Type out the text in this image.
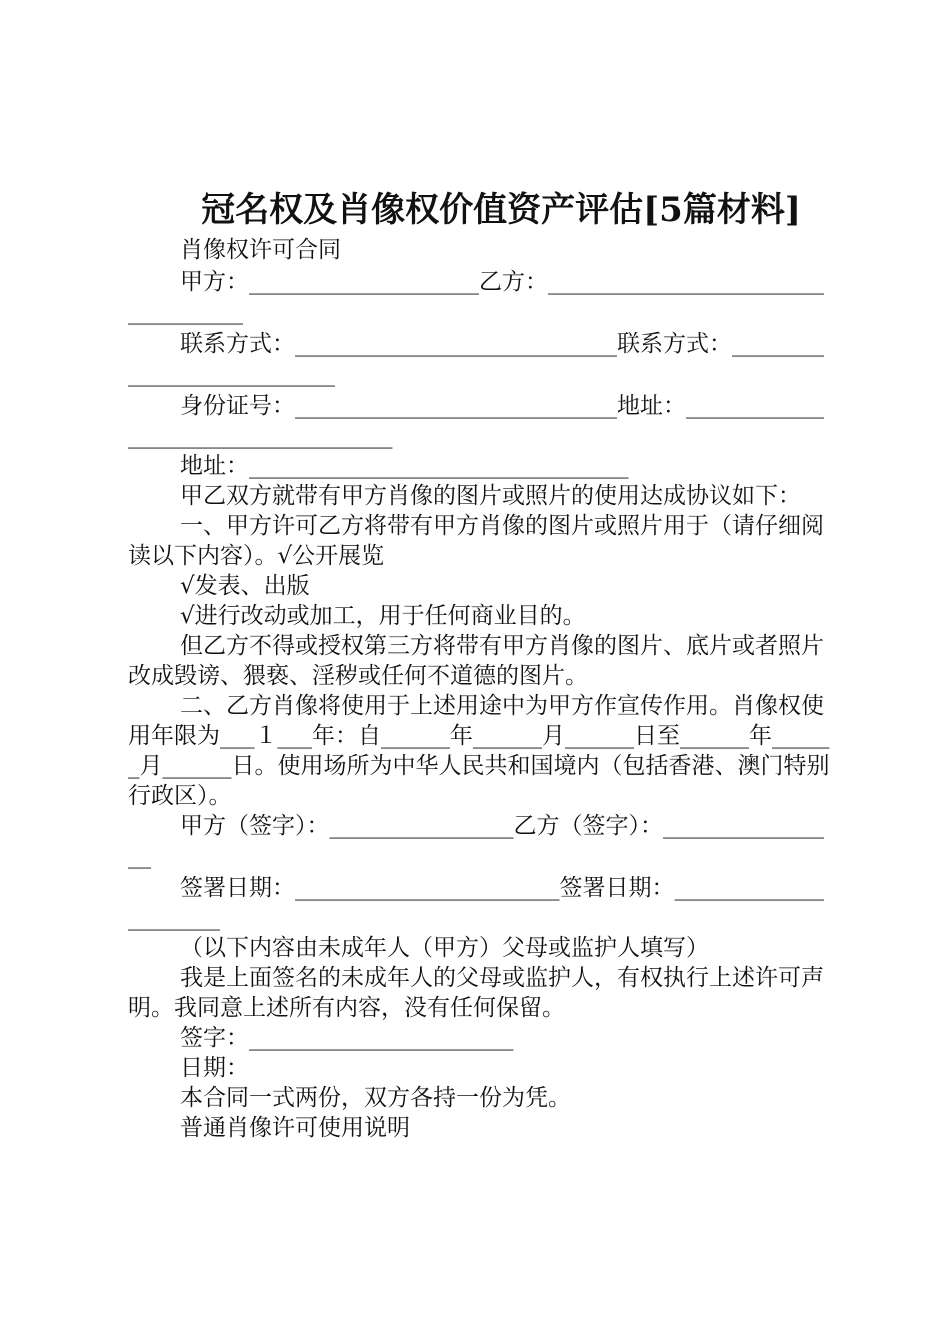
冠名权及肖像权价值资产评估[5篇材料]

肖像权许可合同

甲方：____________________乙方：__________________________________

联系方式：____________________________联系方式：__________________________

身份证号：____________________________地址：___________________________________

地址：_________________________________

甲乙双方就带有甲方肖像的图片或照片的使用达成协议如下：

一、甲方许可乙方将带有甲方肖像的图片或照片用于（请仔细阅读以下内容）。√公开展览

√发表、出版

√进行改动或加工，用于任何商业目的。

但乙方不得或授权第三方将带有甲方肖像的图片、底片或者照片改成毁谤、猥亵、淫秽或任何不道德的图片。

二、乙方肖像将使用于上述用途中为甲方作宣传作用。肖像权使用年限为___１___年：自______年______月______日至______年______月______日。使用场所为中华人民共和国境内（包括香港、澳门特别行政区）。

甲方（签字）：________________乙方（签字）：________________

签署日期：_______________________签署日期：_____________________

（以下内容由未成年人（甲方）父母或监护人填写）

我是上面签名的未成年人的父母或监护人，有权执行上述许可声明。我同意上述所有内容，没有任何保留。

签字：_______________________

日期：

本合同一式两份，双方各持一份为凭。

普通肖像许可使用说明
